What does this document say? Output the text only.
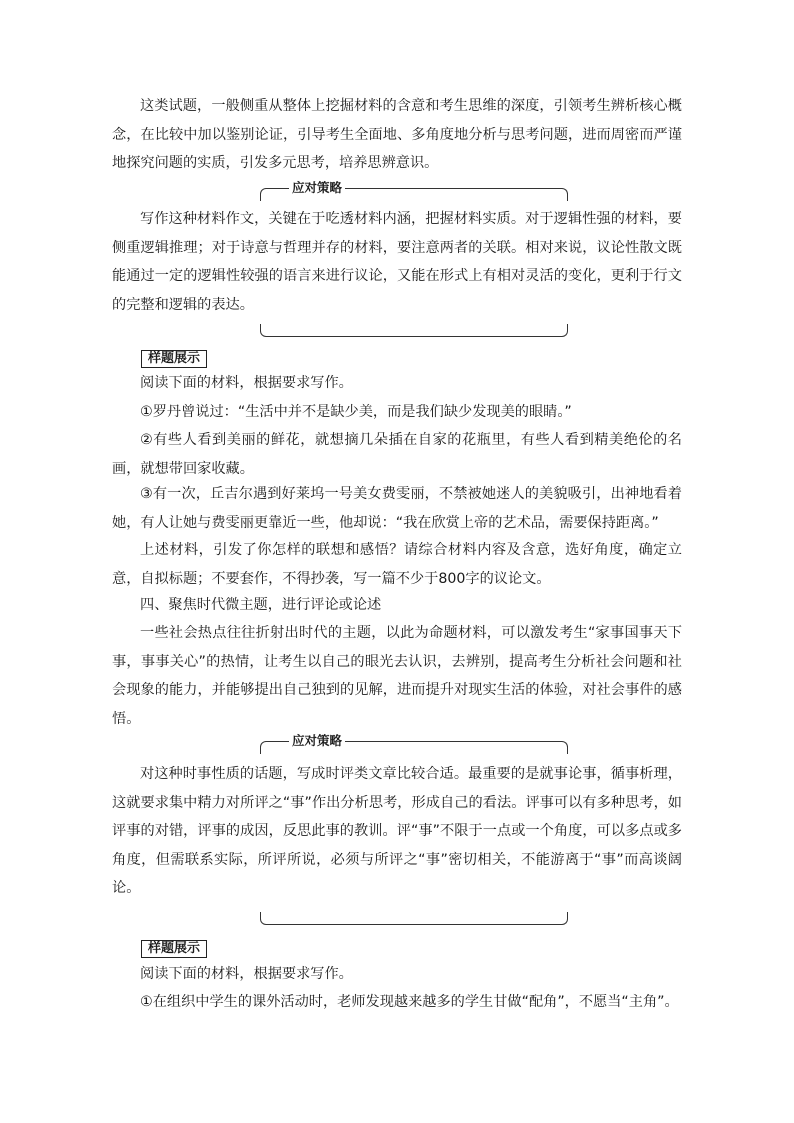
这类试题，一般侧重从整体上挖掘材料的含意和考生思维的深度，引领考生辨析核心概念，在比较中加以鉴别论证，引导考生全面地、多角度地分析与思考问题，进而周密而严谨地探究问题的实质，引发多元思考，培养思辨意识。

应对策略

写作这种材料作文，关键在于吃透材料内涵，把握材料实质。对于逻辑性强的材料，要侧重逻辑推理；对于诗意与哲理并存的材料，要注意两者的关联。相对来说，议论性散文既能通过一定的逻辑性较强的语言来进行议论，又能在形式上有相对灵活的变化，更利于行文的完整和逻辑的表达。

样题展示

阅读下面的材料，根据要求写作。

①罗丹曾说过：“生活中并不是缺少美，而是我们缺少发现美的眼睛。”

②有些人看到美丽的鲜花，就想摘几朵插在自家的花瓶里，有些人看到精美绝伦的名画，就想带回家收藏。

③有一次，丘吉尔遇到好莱坞一号美女费雯丽，不禁被她迷人的美貌吸引，出神地看着她，有人让她与费雯丽更靠近一些，他却说：“我在欣赏上帝的艺术品，需要保持距离。”

上述材料，引发了你怎样的联想和感悟？请综合材料内容及含意，选好角度，确定立意，自拟标题；不要套作，不得抄袭，写一篇不少于800字的议论文。

四、聚焦时代微主题，进行评论或论述

一些社会热点往往折射出时代的主题，以此为命题材料，可以激发考生“家事国事天下事，事事关心”的热情，让考生以自己的眼光去认识，去辨别，提高考生分析社会问题和社会现象的能力，并能够提出自己独到的见解，进而提升对现实生活的体验，对社会事件的感悟。

应对策略

对这种时事性质的话题，写成时评类文章比较合适。最重要的是就事论事，循事析理，这就要求集中精力对所评之“事”作出分析思考，形成自己的看法。评事可以有多种思考，如评事的对错，评事的成因，反思此事的教训。评“事”不限于一点或一个角度，可以多点或多角度，但需联系实际，所评所说，必须与所评之“事”密切相关，不能游离于“事”而高谈阔论。

样题展示

阅读下面的材料，根据要求写作。

①在组织中学生的课外活动时，老师发现越来越多的学生甘做“配角”，不愿当“主角”。
